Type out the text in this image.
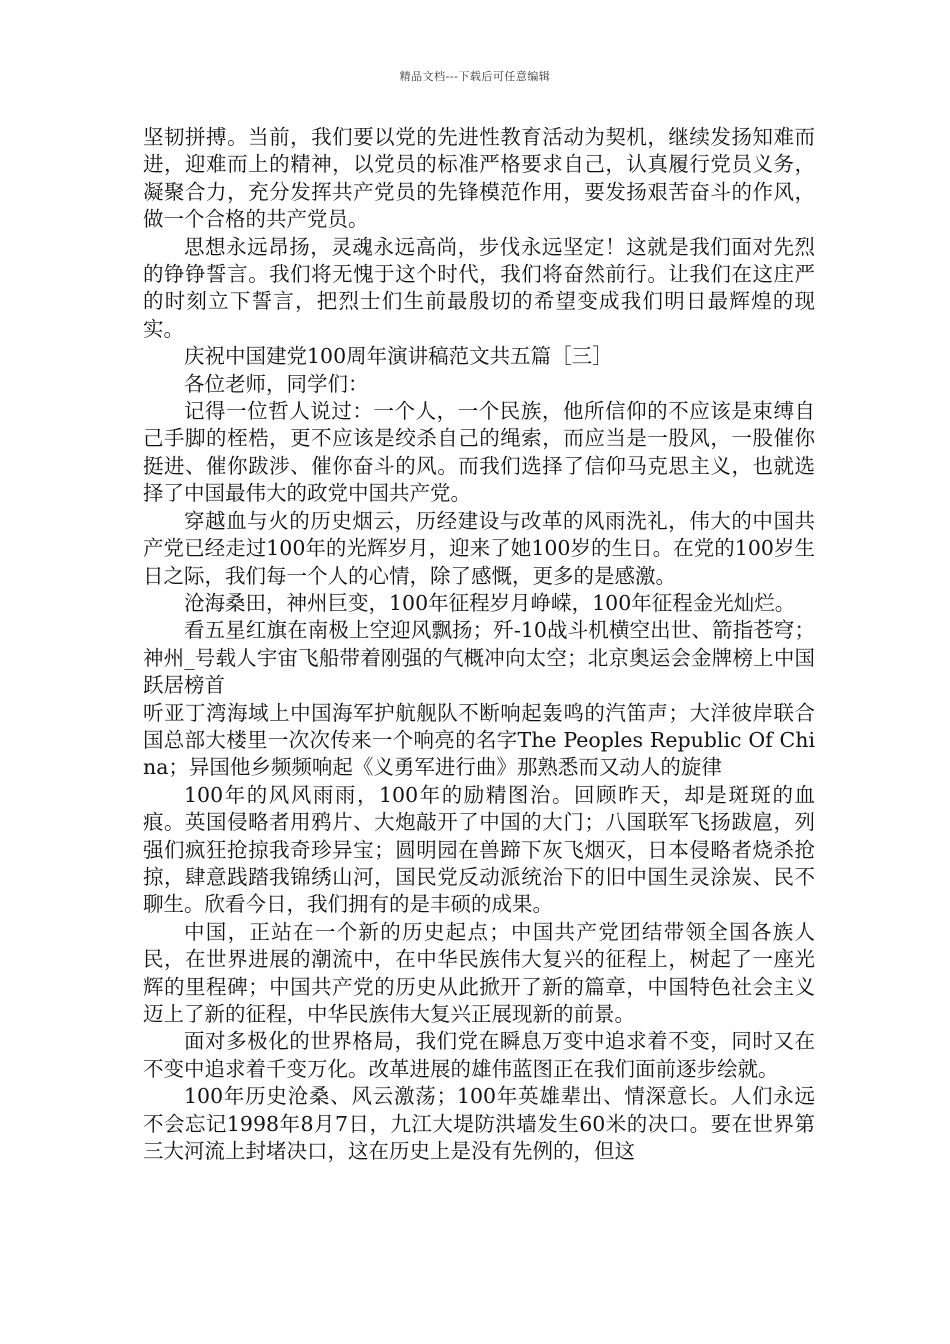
精品文档---下载后可任意编辑

坚韧拼搏。当前，我们要以党的先进性教育活动为契机，继续发扬知难而进，迎难而上的精神，以党员的标准严格要求自己，认真履行党员义务，凝聚合力，充分发挥共产党员的先锋模范作用，要发扬艰苦奋斗的作风，做一个合格的共产党员。

思想永远昂扬，灵魂永远高尚，步伐永远坚定！这就是我们面对先烈的铮铮誓言。我们将无愧于这个时代，我们将奋然前行。让我们在这庄严的时刻立下誓言，把烈士们生前最殷切的希望变成我们明日最辉煌的现实。

庆祝中国建党100周年演讲稿范文共五篇［三］

各位老师，同学们：

记得一位哲人说过：一个人，一个民族，他所信仰的不应该是束缚自己手脚的桎梏，更不应该是绞杀自己的绳索，而应当是一股风，一股催你挺进、催你跋涉、催你奋斗的风。而我们选择了信仰马克思主义，也就选择了中国最伟大的政党中国共产党。

穿越血与火的历史烟云，历经建设与改革的风雨洗礼，伟大的中国共产党已经走过100年的光辉岁月，迎来了她100岁的生日。在党的100岁生日之际，我们每一个人的心情，除了感慨，更多的是感激。

沧海桑田，神州巨变，100年征程岁月峥嵘，100年征程金光灿烂。

看五星红旗在南极上空迎风飘扬；歼-10战斗机横空出世、箭指苍穹；神州_号载人宇宙飞船带着刚强的气概冲向太空；北京奥运会金牌榜上中国跃居榜首

听亚丁湾海域上中国海军护航舰队不断响起轰鸣的汽笛声；大洋彼岸联合国总部大楼里一次次传来一个响亮的名字The Peoples Republic Of China；异国他乡频频响起《义勇军进行曲》那熟悉而又动人的旋律

100年的风风雨雨，100年的励精图治。回顾昨天，却是斑斑的血痕。英国侵略者用鸦片、大炮敲开了中国的大门；八国联军飞扬跋扈，列强们疯狂抢掠我奇珍异宝；圆明园在兽蹄下灰飞烟灭，日本侵略者烧杀抢掠，肆意践踏我锦绣山河，国民党反动派统治下的旧中国生灵涂炭、民不聊生。欣看今日，我们拥有的是丰硕的成果。

中国，正站在一个新的历史起点；中国共产党团结带领全国各族人民，在世界进展的潮流中，在中华民族伟大复兴的征程上，树起了一座光辉的里程碑；中国共产党的历史从此掀开了新的篇章，中国特色社会主义迈上了新的征程，中华民族伟大复兴正展现新的前景。

面对多极化的世界格局，我们党在瞬息万变中追求着不变，同时又在不变中追求着千变万化。改革进展的雄伟蓝图正在我们面前逐步绘就。

100年历史沧桑、风云激荡；100年英雄辈出、情深意长。人们永远不会忘记1998年8月7日，九江大堤防洪墙发生60米的决口。要在世界第三大河流上封堵决口，这在历史上是没有先例的，但这
